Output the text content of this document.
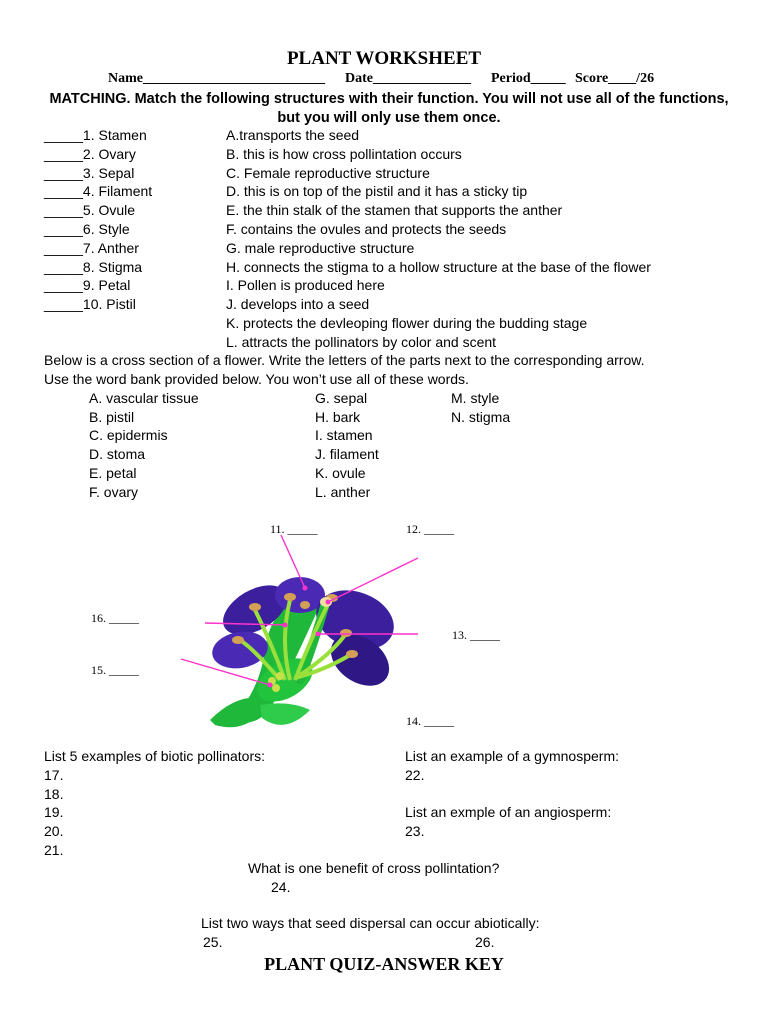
PLANT WORKSHEET
Name__________________________ Date______________ Period_____ Score____/26
MATCHING. Match the following structures with their function. You will not use all of the functions, but you will only use them once.
_____1. Stamen
_____2. Ovary
_____3. Sepal
_____4. Filament
_____5. Ovule
_____6. Style
_____7. Anther
_____8. Stigma
_____9. Petal
_____10. Pistil
A.transports the seed
B. this is how cross pollintation occurs
C. Female reproductive structure
D. this is on top of the pistil and it has a sticky tip
E. the thin stalk of the stamen that supports the anther
F. contains the ovules and protects the seeds
G. male reproductive structure
H. connects the stigma to a hollow structure at the base of the flower
I. Pollen is produced here
J. develops into a seed
K. protects the devleoping flower during the budding stage
L. attracts the pollinators by color and scent
Below is a cross section of a flower. Write the letters of the parts next to the corresponding arrow.
Use the word bank provided below. You won’t use all of these words.
A. vascular tissue
B. pistil
C. epidermis
D. stoma
E. petal
F. ovary
G. sepal
H. bark
I. stamen
J. filament
K. ovule
L. anther
M. style
N. stigma
11. _____	12. _____
13. _____
14. _____
15. _____
16. _____
List 5 examples of biotic pollinators:
17.
18.
19.
20.
21.
List an example of a gymnosperm:
22.
List an exmple of an angiosperm:
23.
What is one benefit of cross pollintation?
24.
List two ways that seed dispersal can occur abiotically:
25.	26.
PLANT QUIZ-ANSWER KEY
